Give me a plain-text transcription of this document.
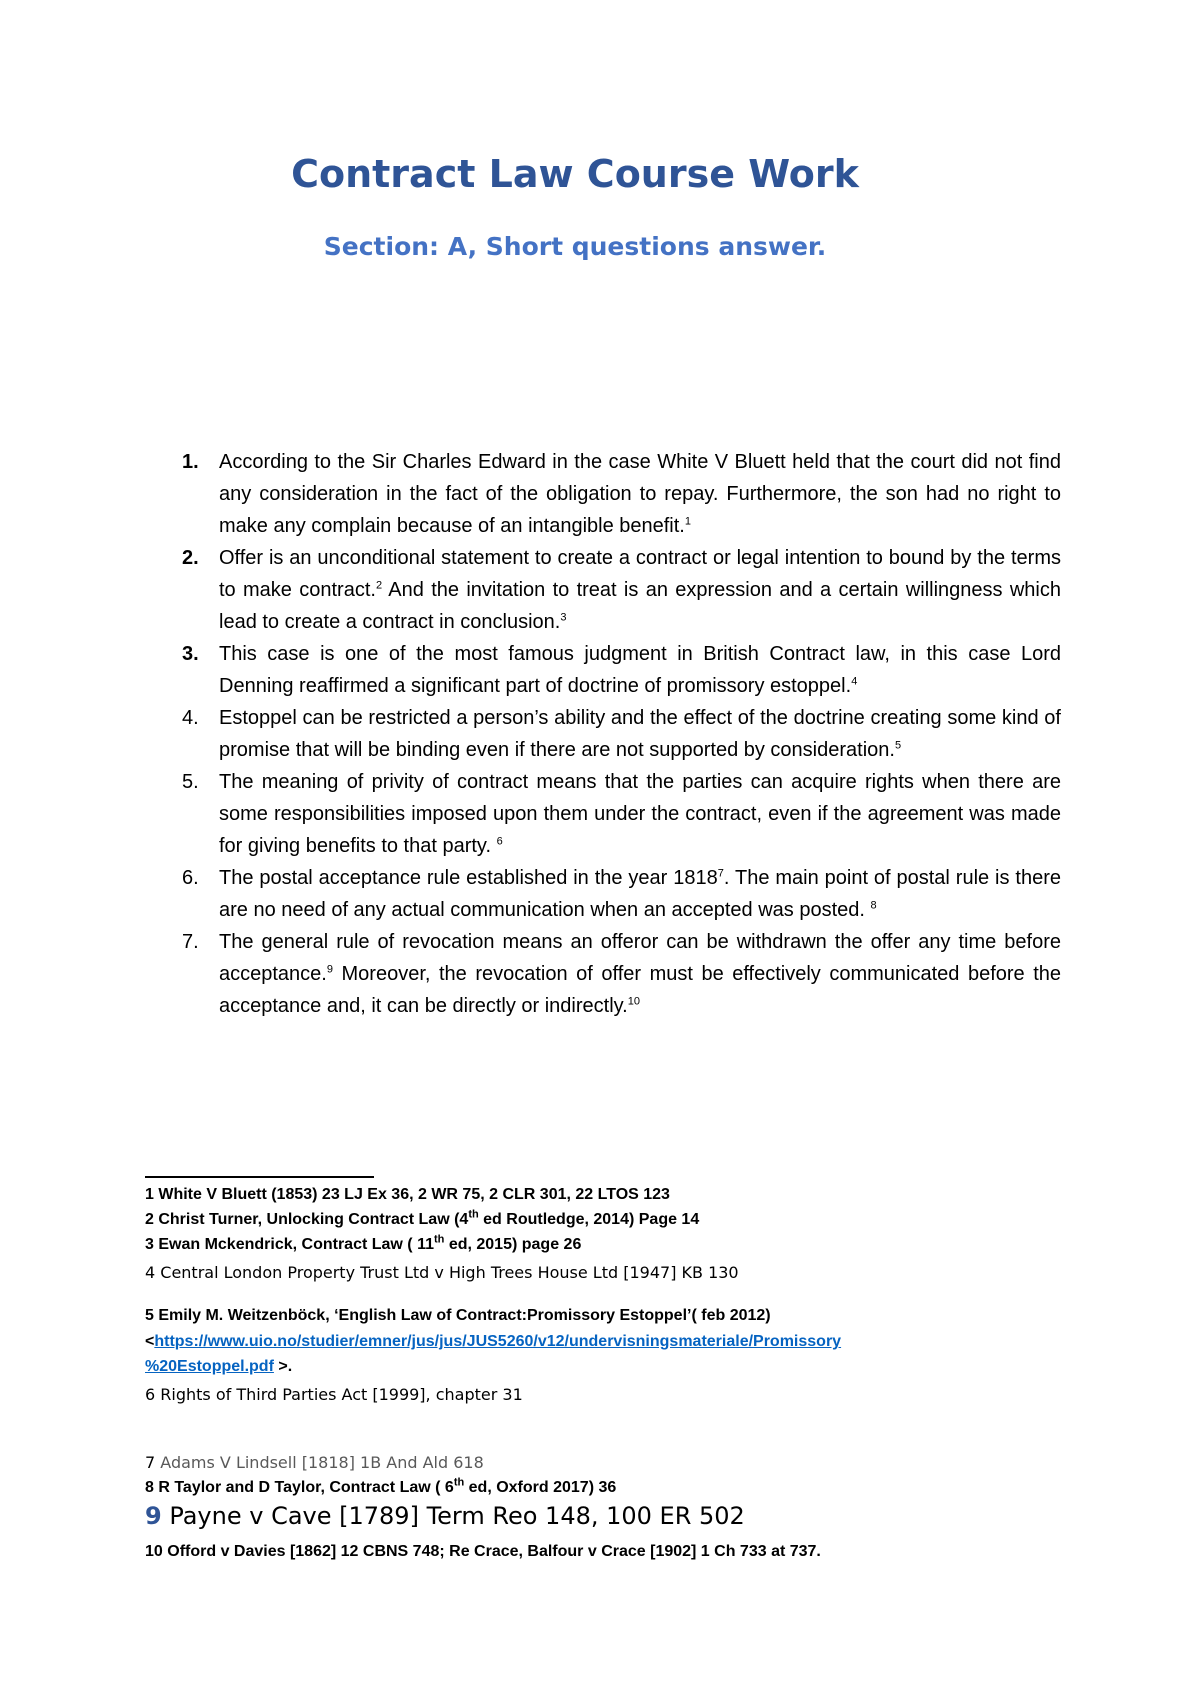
Contract Law Course Work
Section: A, Short questions answer.
1.	According to the Sir Charles Edward in the case White V Bluett held that the court did not find any consideration in the fact of the obligation to repay. Furthermore, the son had no right to make any complain because of an intangible benefit.$^1$
2.	Offer is an unconditional statement to create a contract or legal intention to bound by the terms to make contract.$^2$ And the invitation to treat is an expression and a certain willingness which lead to create a contract in conclusion.$^3$
3.	This case is one of the most famous judgment in British Contract law, in this case Lord Denning reaffirmed a significant part of doctrine of promissory estoppel.$^4$
4.	Estoppel can be restricted a person’s ability and the effect of the doctrine creating some kind of promise that will be binding even if there are not supported by consideration.$^5$
5.	The meaning of privity of contract means that the parties can acquire rights when there are some responsibilities imposed upon them under the contract, even if the agreement was made for giving benefits to that party. $^6$
6.	The postal acceptance rule established in the year 1818$^7$. The main point of postal rule is there are no need of any actual communication when an accepted was posted. $^8$
7.	The general rule of revocation means an offeror can be withdrawn the offer any time before acceptance.$^9$ Moreover, the revocation of offer must be effectively communicated before the acceptance and, it can be directly or indirectly.$^{10}$

1 White V Bluett (1853) 23 LJ Ex 36, 2 WR 75, 2 CLR 301, 22 LTOS 123

2 Christ Turner, Unlocking Contract Law (4th ed Routledge, 2014) Page 14

3 Ewan Mckendrick, Contract Law ( 11th ed, 2015) page 26

4 Central London Property Trust Ltd v High Trees House Ltd [1947] KB 130

5 Emily M. Weitzenböck, ‘English Law of Contract:Promissory Estoppel’( feb 2012)

<https://www.uio.no/studier/emner/jus/jus/JUS5260/v12/undervisningsmateriale/Promissory

%20Estoppel.pdf >.

6 Rights of Third Parties Act [1999], chapter 31

7 Adams V Lindsell [1818] 1B And Ald 618

8 R Taylor and D Taylor, Contract Law ( 6th ed, Oxford 2017) 36

9 Payne v Cave [1789] Term Reo 148, 100 ER 502

10 Offord v Davies [1862] 12 CBNS 748; Re Crace, Balfour v Crace [1902] 1 Ch 733 at 737.
